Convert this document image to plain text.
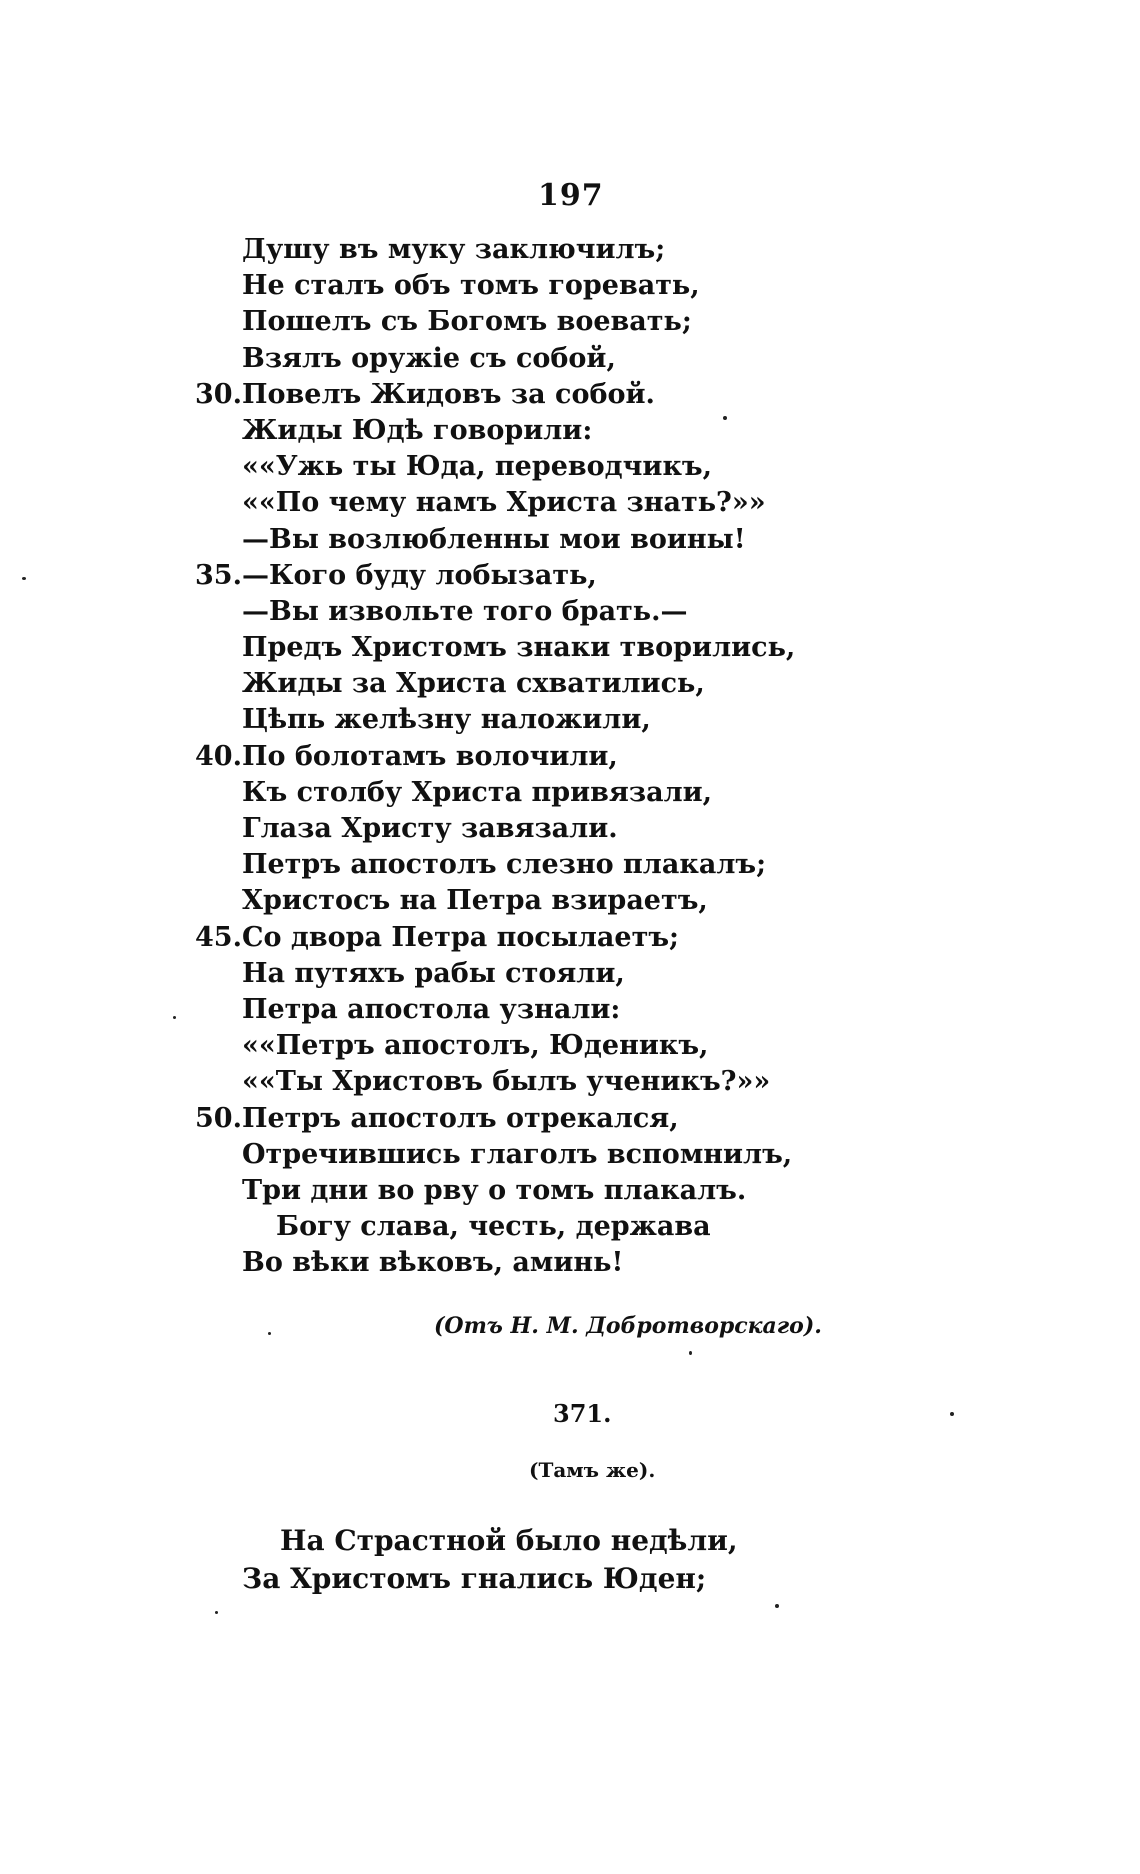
197
Душу въ муку заключилъ;
Не сталъ объ томъ горевать,
Пошелъ съ Богомъ воевать;
Взялъ оружiе съ собой,
30. Повелъ Жидовъ за собой.
Жиды Юдѣ говорили:
««Ужь ты Юда, переводчикъ,
««По чему намъ Христа знать?»»
—Вы возлюбленны мои воины!
35. —Кого буду лобызать,
—Вы извольте того брать.—
Предъ Христомъ знаки творились,
Жиды за Христа схватились,
Цѣпь желѣзну наложили,
40. По болотамъ волочили,
Къ столбу Христа привязали,
Глаза Христу завязали.
Петръ апостолъ слезно плакалъ;
Христосъ на Петра взираетъ,
45. Со двора Петра посылаетъ;
На путяхъ рабы стояли,
Петра апостола узнали:
««Петръ апостолъ, Юденикъ,
««Ты Христовъ былъ ученикъ?»»
50. Петръ апостолъ отрекался,
Отречившись глаголъ вспомнилъ,
Три дни во рву о томъ плакалъ.
Богу слава, честь, держава
Во вѣки вѣковъ, аминь!
(Отъ Н. М. Добротворскаго).
371.
(Тамъ же).
На Страстной было недѣли,
За Христомъ гнались Юден;
